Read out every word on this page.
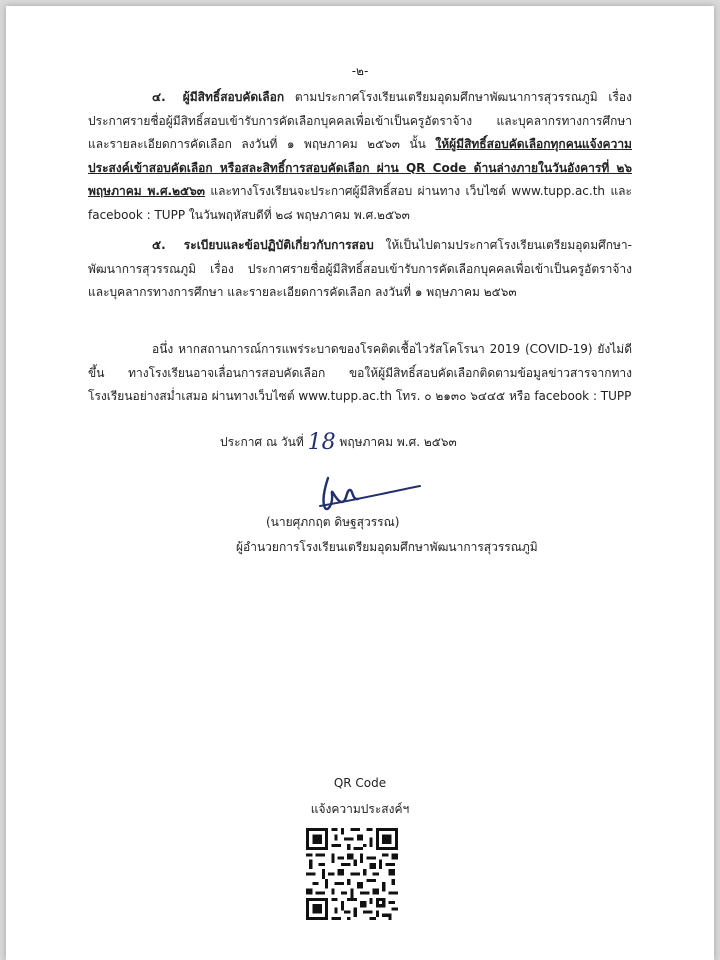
-๒-
๔. ผู้มีสิทธิ์สอบคัดเลือก ตามประกาศโรงเรียนเตรียมอุดมศึกษาพัฒนาการสุวรรณภูมิ เรื่อง ประกาศรายชื่อผู้มีสิทธิ์สอบเข้ารับการคัดเลือกบุคคลเพื่อเข้าเป็นครูอัตราจ้าง และบุคลากรทางการศึกษา และรายละเอียดการคัดเลือก ลงวันที่ ๑ พฤษภาคม ๒๕๖๓ นั้น ให้ผู้มีสิทธิ์สอบคัดเลือกทุกคนแจ้งความประสงค์เข้าสอบคัดเลือก หรือสละสิทธิ์การสอบคัดเลือก ผ่าน QR Code ด้านล่างภายในวันอังคารที่ ๒๖ พฤษภาคม พ.ศ.๒๕๖๓ และทางโรงเรียนจะประกาศผู้มีสิทธิ์สอบ ผ่านทาง เว็บไซต์ www.tupp.ac.th และ facebook : TUPP ในวันพฤหัสบดีที่ ๒๘ พฤษภาคม พ.ศ.๒๕๖๓
๕. ระเบียบและข้อปฏิบัติเกี่ยวกับการสอบ ให้เป็นไปตามประกาศโรงเรียนเตรียมอุดมศึกษา-พัฒนาการสุวรรณภูมิ เรื่อง ประกาศรายชื่อผู้มีสิทธิ์สอบเข้ารับการคัดเลือกบุคคลเพื่อเข้าเป็นครูอัตราจ้าง และบุคลากรทางการศึกษา และรายละเอียดการคัดเลือก ลงวันที่ ๑ พฤษภาคม ๒๕๖๓
อนึ่ง หากสถานการณ์การแพร่ระบาดของโรคติดเชื้อไวรัสโคโรนา 2019 (COVID-19) ยังไม่ดีขึ้น ทางโรงเรียนอาจเลื่อนการสอบคัดเลือก ขอให้ผู้มีสิทธิ์สอบคัดเลือกติดตามข้อมูลข่าวสารจากทางโรงเรียนอย่างสม่ำเสมอ ผ่านทางเว็บไซต์ www.tupp.ac.th โทร. ๐ ๒๑๓๐ ๖๔๔๕ หรือ facebook : TUPP
ประกาศ ณ วันที่ 18 พฤษภาคม พ.ศ. ๒๕๖๓
(นายศุภกฤต ดิษฐสุวรรณ)
ผู้อำนวยการโรงเรียนเตรียมอุดมศึกษาพัฒนาการสุวรรณภูมิ
QR Code
แจ้งความประสงค์ฯ
